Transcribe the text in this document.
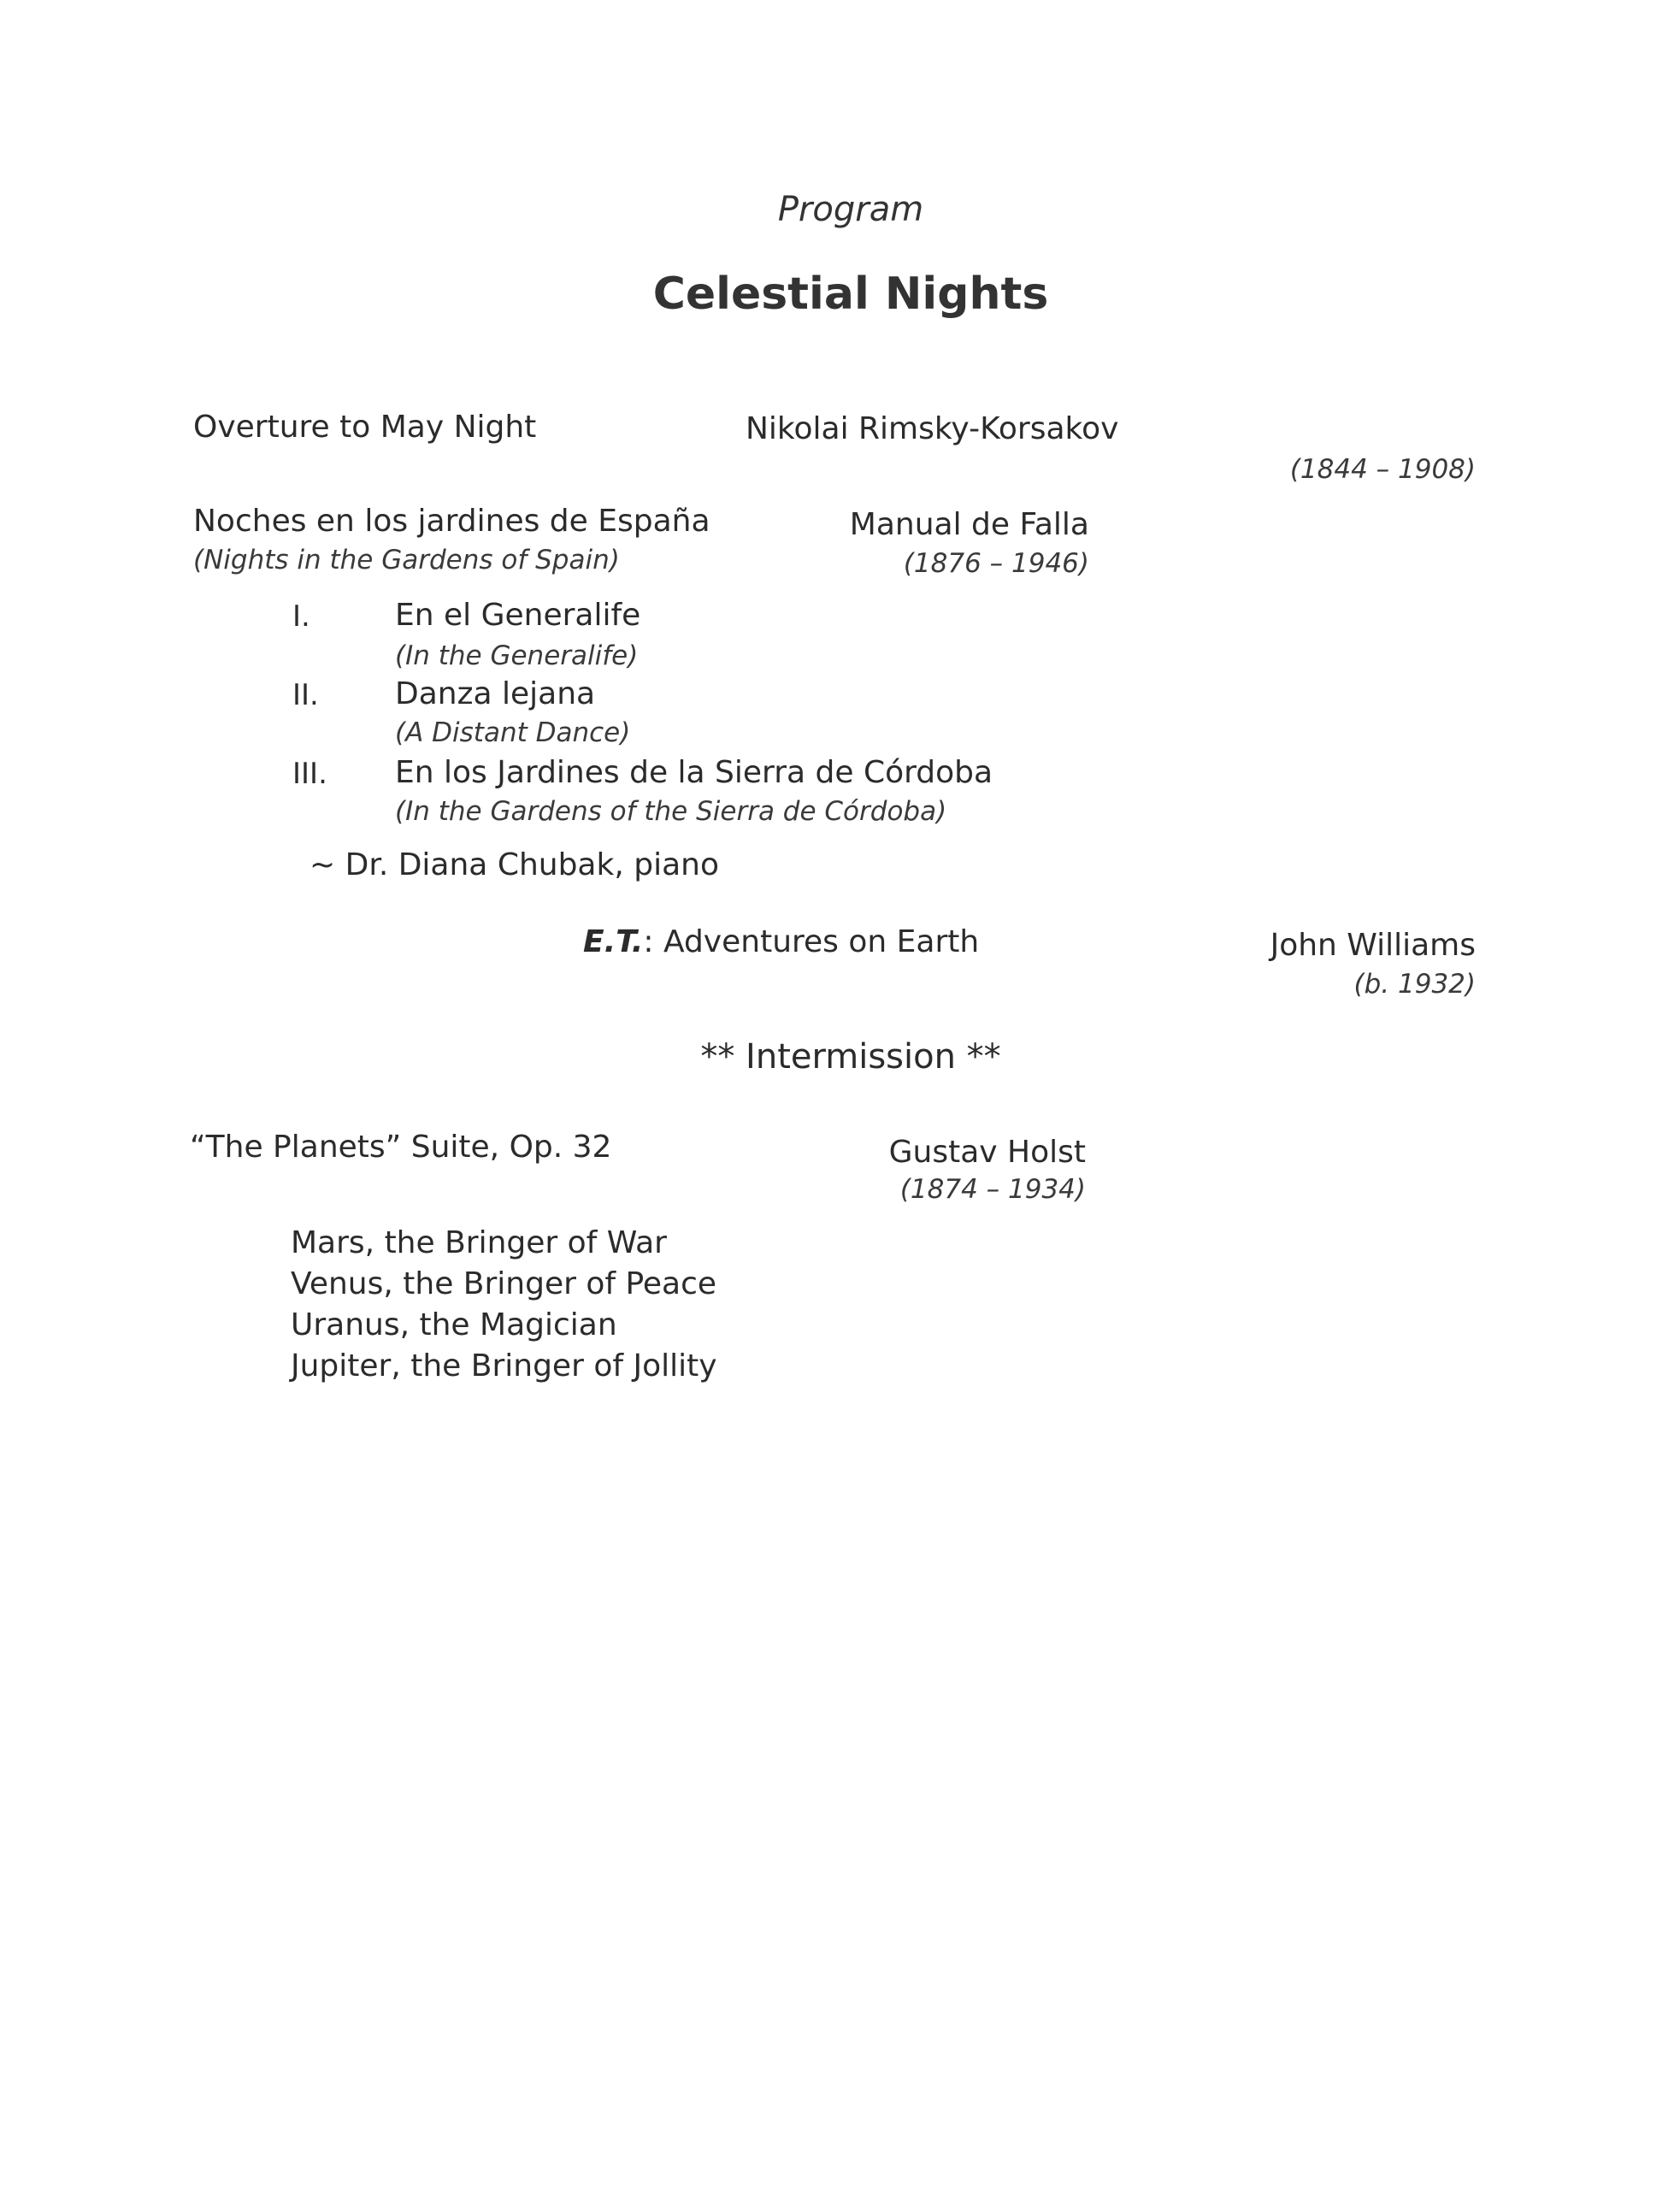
Program
Celestial Nights
Overture to May Night	Nikolai Rimsky-Korsakov
(1844 – 1908)
Noches en los jardines de España
(Nights in the Gardens of Spain)
Manual de Falla
(1876 – 1946)
I.	En el Generalife
(In the Generalife)
II. Danza lejana
(A Distant Dance)
III. En los Jardines de la Sierra de Córdoba
(In the Gardens of the Sierra de Córdoba)
~ Dr. Diana Chubak, piano
E.T.: Adventures on Earth	John Williams
(b. 1932)
** Intermission **
“The Planets” Suite, Op. 32	Gustav Holst
(1874 – 1934)
Mars, the Bringer of War
Venus, the Bringer of Peace
Uranus, the Magician
Jupiter, the Bringer of Jollity
